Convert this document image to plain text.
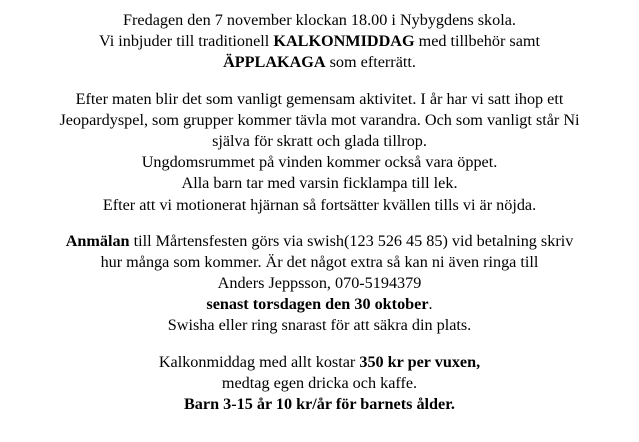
Fredagen den 7 november klockan 18.00 i Nybygdens skola.
Vi inbjuder till traditionell KALKONMIDDAG med tillbehör samt
ÄPPLAKAGA som efterrätt.
Efter maten blir det som vanligt gemensam aktivitet. I år har vi satt ihop ett
Jeopardyspel, som grupper kommer tävla mot varandra. Och som vanligt står Ni
själva för skratt och glada tillrop.
Ungdomsrummet på vinden kommer också vara öppet.
Alla barn tar med varsin ficklampa till lek.
Efter att vi motionerat hjärnan så fortsätter kvällen tills vi är nöjda.
Anmälan till Mårtensfesten görs via swish(123 526 45 85) vid betalning skriv
hur många som kommer. Är det något extra så kan ni även ringa till
Anders Jeppsson, 070-5194379
senast torsdagen den 30 oktober.
Swisha eller ring snarast för att säkra din plats.
Kalkonmiddag med allt kostar 350 kr per vuxen,
medtag egen dricka och kaffe.
Barn 3-15 år 10 kr/år för barnets ålder.
